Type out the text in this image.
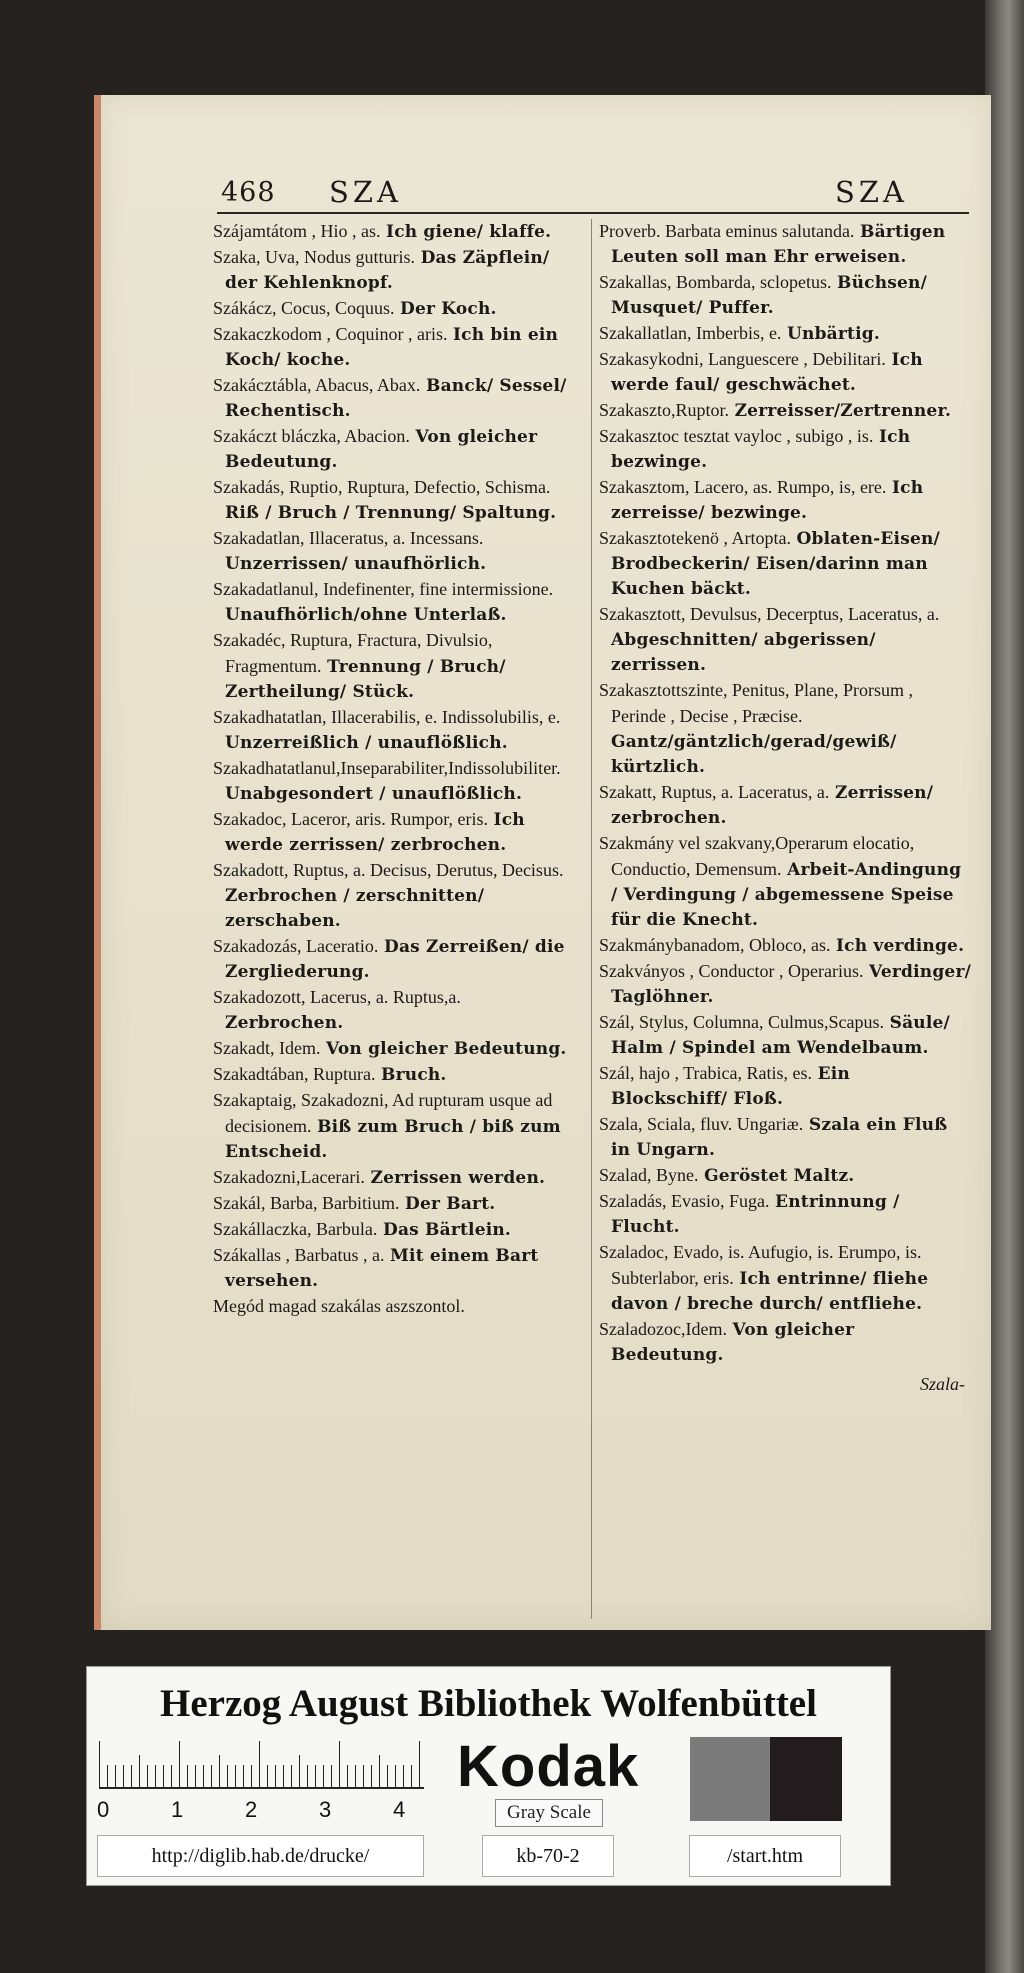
468 SZA	SZA

Szájamtátom , Hio , as. Ich giene/ klaffe.

Szaka, Uva, Nodus gutturis. Das Zäpflein/ der Kehlenknopf.

Szákácz, Cocus, Coquus. Der Koch.

Szakaczkodom , Coquinor , aris. Ich bin ein Koch/ koche.

Szakácztábla, Abacus, Abax. Banck/ Sessel/ Rechentisch.

Szakáczt bláczka, Abacion. Von gleicher Bedeutung.

Szakadás, Ruptio, Ruptura, Defectio, Schisma. Riß / Bruch / Trennung/ Spaltung.

Szakadatlan, Illaceratus, a. Incessans. Unzerrissen/ unaufhörlich.

Szakadatlanul, Indefinenter, fine intermissione. Unaufhörlich/ohne Unterlaß.

Szakadéc, Ruptura, Fractura, Divulsio, Fragmentum. Trennung / Bruch/ Zertheilung/ Stück.

Szakadhatatlan, Illacerabilis, e. Indissolubilis, e. Unzerreißlich / unauflößlich.

Szakadhatatlanul,Inseparabiliter,Indissolubiliter. Unabgesondert / unauflößlich.

Szakadoc, Laceror, aris. Rumpor, eris. Ich werde zerrissen/ zerbrochen.

Szakadott, Ruptus, a. Decisus, Derutus, Decisus. Zerbrochen / zerschnitten/ zerschaben.

Szakadozás, Laceratio. Das Zerreißen/ die Zergliederung.

Szakadozott, Lacerus, a. Ruptus,a. Zerbrochen.

Szakadt, Idem. Von gleicher Bedeutung.

Szakadtában, Ruptura. Bruch.

Szakaptaig, Szakadozni, Ad rupturam usque ad decisionem. Biß zum Bruch / biß zum Entscheid.

Szakadozni,Lacerari. Zerrissen werden.

Szakál, Barba, Barbitium. Der Bart.

Szakállaczka, Barbula. Das Bärtlein.

Szákallas , Barbatus , a. Mit einem Bart versehen.

Megód magad szakálas aszszontol.

Proverb. Barbata eminus salutanda. Bärtigen Leuten soll man Ehr erweisen.

Szakallas, Bombarda, sclopetus. Büchsen/ Musquet/ Puffer.

Szakallatlan, Imberbis, e. Unbärtig.

Szakasykodni, Languescere , Debilitari. Ich werde faul/ geschwächet.

Szakaszto,Ruptor. Zerreisser/Zertrenner.

Szakasztoc tesztat vayloc , subigo , is. Ich bezwinge.

Szakasztom, Lacero, as. Rumpo, is, ere. Ich zerreisse/ bezwinge.

Szakasztotekenö , Artopta. Oblaten-Eisen/ Brodbeckerin/ Eisen/darinn man Kuchen bäckt.

Szakasztott, Devulsus, Decerptus, Laceratus, a. Abgeschnitten/ abgerissen/ zerrissen.

Szakasztottszinte, Penitus, Plane, Prorsum , Perinde , Decise , Præcise. Gantz/gäntzlich/gerad/gewiß/ kürtzlich.

Szakatt, Ruptus, a. Laceratus, a. Zerrissen/ zerbrochen.

Szakmány vel szakvany,Operarum elocatio, Conductio, Demensum. Arbeit-Andingung / Verdingung / abgemessene Speise für die Knecht.

Szakmánybanadom, Obloco, as. Ich verdinge.

Szakványos , Conductor , Operarius. Verdinger/ Taglöhner.

Szál, Stylus, Columna, Culmus,Scapus. Säule/ Halm / Spindel am Wendelbaum.

Szál, hajo , Trabica, Ratis, es. Ein Blockschiff/ Floß.

Szala, Sciala, fluv. Ungariæ. Szala ein Fluß in Ungarn.

Szalad, Byne. Geröstet Maltz.

Szaladás, Evasio, Fuga. Entrinnung / Flucht.

Szaladoc, Evado, is. Aufugio, is. Erumpo, is. Subterlabor, eris. Ich entrinne/ fliehe davon / breche durch/ entfliehe.

Szaladozoc,Idem. Von gleicher Bedeutung.

Szala-
Herzog August Bibliothek Wolfenbüttel
0	1	2	3	4
Kodak
Gray Scale
http://diglib.hab.de/drucke/	kb-70-2	/start.htm
